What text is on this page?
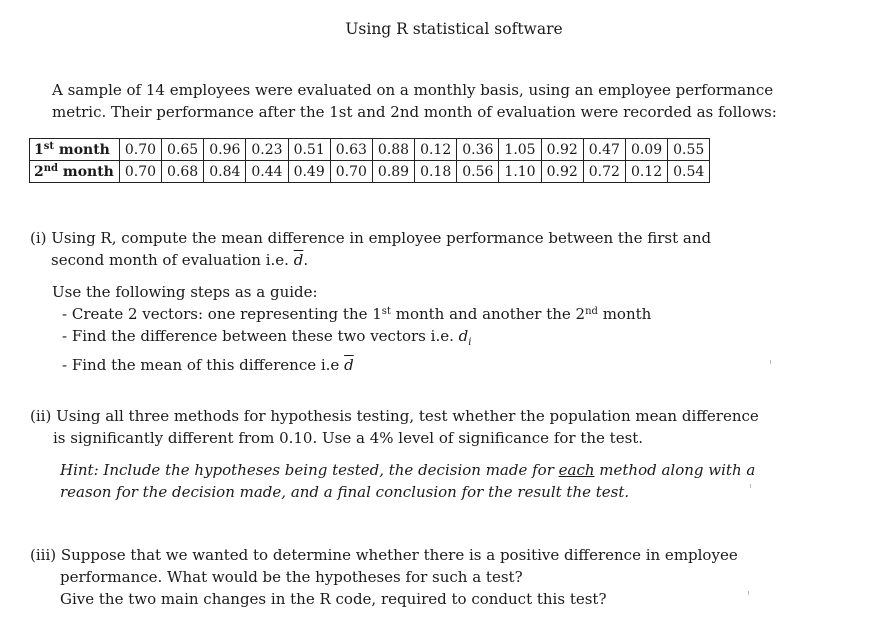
Using R statistical software
A sample of 14 employees were evaluated on a monthly basis, using an employee performance
metric. Their performance after the 1st and 2nd month of evaluation were recorded as follows:
1st month	0.70	0.65	0.96	0.23	0.51	0.63	0.88	0.12	0.36	1.05	0.92	0.47	0.09	0.55
2nd month	0.70	0.68	0.84	0.44	0.49	0.70	0.89	0.18	0.56	1.10	0.92	0.72	0.12	0.54
(i) Using R, compute the mean difference in employee performance between the first and
second month of evaluation i.e. $\overline{d}$.
Use the following steps as a guide:
- Create 2 vectors: one representing the 1st month and another the 2nd month
- Find the difference between these two vectors i.e. $d_i$
- Find the mean of this difference i.e $\overline{d}$
(ii) Using all three methods for hypothesis testing, test whether the population mean difference
is significantly different from 0.10. Use a 4% level of significance for the test.
Hint: Include the hypotheses being tested, the decision made for each method along with a
reason for the decision made, and a final conclusion for the result the test.
(iii) Suppose that we wanted to determine whether there is a positive difference in employee
performance. What would be the hypotheses for such a test?
Give the two main changes in the R code, required to conduct this test?
